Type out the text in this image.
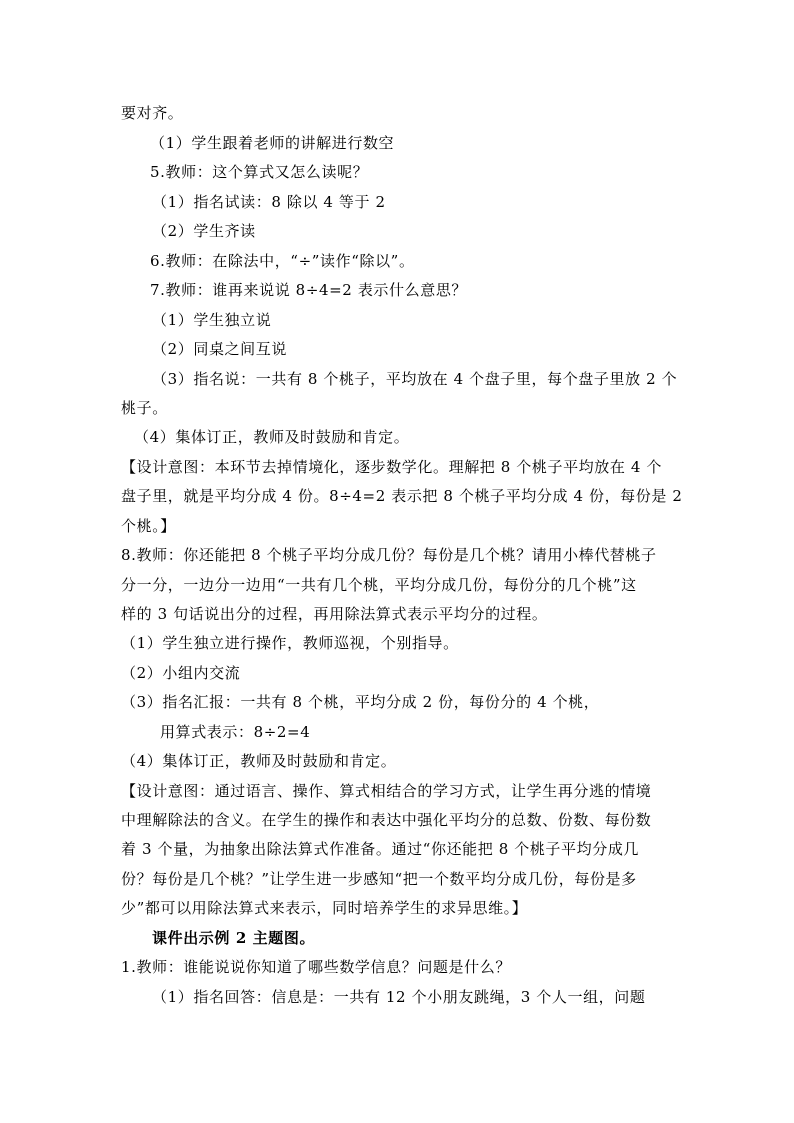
要对齐。
（1）学生跟着老师的讲解进行数空
5.教师：这个算式又怎么读呢？
（1）指名试读：8 除以 4 等于 2
（2）学生齐读
6.教师：在除法中，“÷”读作“除以”。
7.教师：谁再来说说 8÷4=2 表示什么意思？
（1）学生独立说
（2）同桌之间互说
（3）指名说：一共有 8 个桃子，平均放在 4 个盘子里，每个盘子里放 2 个
桃子。
（4）集体订正，教师及时鼓励和肯定。
【设计意图：本环节去掉情境化，逐步数学化。理解把 8 个桃子平均放在 4 个
盘子里，就是平均分成 4 份。8÷4=2 表示把 8 个桃子平均分成 4 份，每份是 2
个桃。】
8.教师：你还能把 8 个桃子平均分成几份？每份是几个桃？请用小棒代替桃子
分一分，一边分一边用“一共有几个桃，平均分成几份，每份分的几个桃”这
样的 3 句话说出分的过程，再用除法算式表示平均分的过程。
（1）学生独立进行操作，教师巡视，个别指导。
（2）小组内交流
（3）指名汇报：一共有 8 个桃，平均分成 2 份，每份分的 4 个桃，
用算式表示：8÷2=4
（4）集体订正，教师及时鼓励和肯定。
【设计意图：通过语言、操作、算式相结合的学习方式，让学生再分逃的情境
中理解除法的含义。在学生的操作和表达中强化平均分的总数、份数、每份数
着 3 个量，为抽象出除法算式作准备。通过“你还能把 8 个桃子平均分成几
份？每份是几个桃？”让学生进一步感知“把一个数平均分成几份，每份是多
少”都可以用除法算式来表示，同时培养学生的求异思维。】
课件出示例 2 主题图。
1.教师：谁能说说你知道了哪些数学信息？问题是什么？
（1）指名回答：信息是：一共有 12 个小朋友跳绳，3 个人一组，问题
